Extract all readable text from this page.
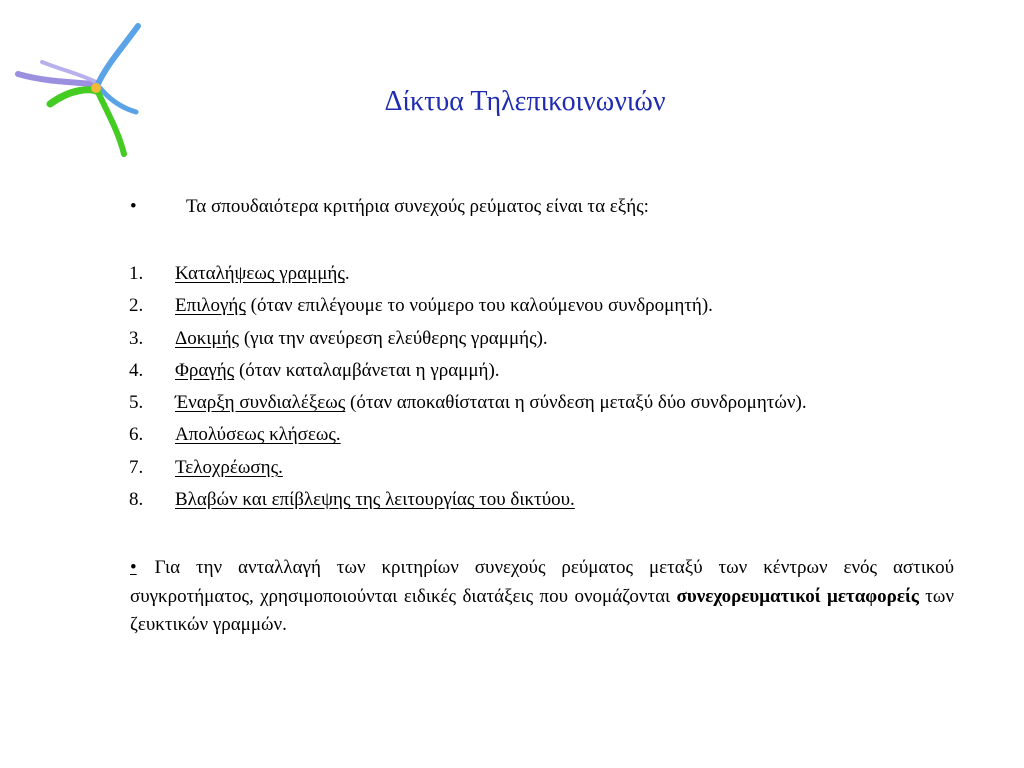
Δίκτυα Τηλεπικοινωνιών
•	Τα σπουδαιότερα κριτήρια συνεχούς ρεύματος είναι τα εξής:
1. Καταλήψεως γραμμής.
2. Επιλογής (όταν επιλέγουμε το νούμερο του καλούμενου συνδρομητή).
3. Δοκιμής (για την ανεύρεση ελεύθερης γραμμής).
4. Φραγής (όταν καταλαμβάνεται η γραμμή).
5. Έναρξη συνδιαλέξεως (όταν αποκαθίσταται η σύνδεση μεταξύ δύο συνδρομητών).
6. Απολύσεως κλήσεως.
7. Τελοχρέωσης.
8. Βλαβών και επίβλεψης της λειτουργίας του δικτύου.
• Για την ανταλλαγή των κριτηρίων συνεχούς ρεύματος μεταξύ των κέντρων ενός αστικού συγκροτήματος, χρησιμοποιούνται ειδικές διατάξεις που ονομάζονται συνεχορευματικοί μεταφορείς των ζευκτικών γραμμών.
